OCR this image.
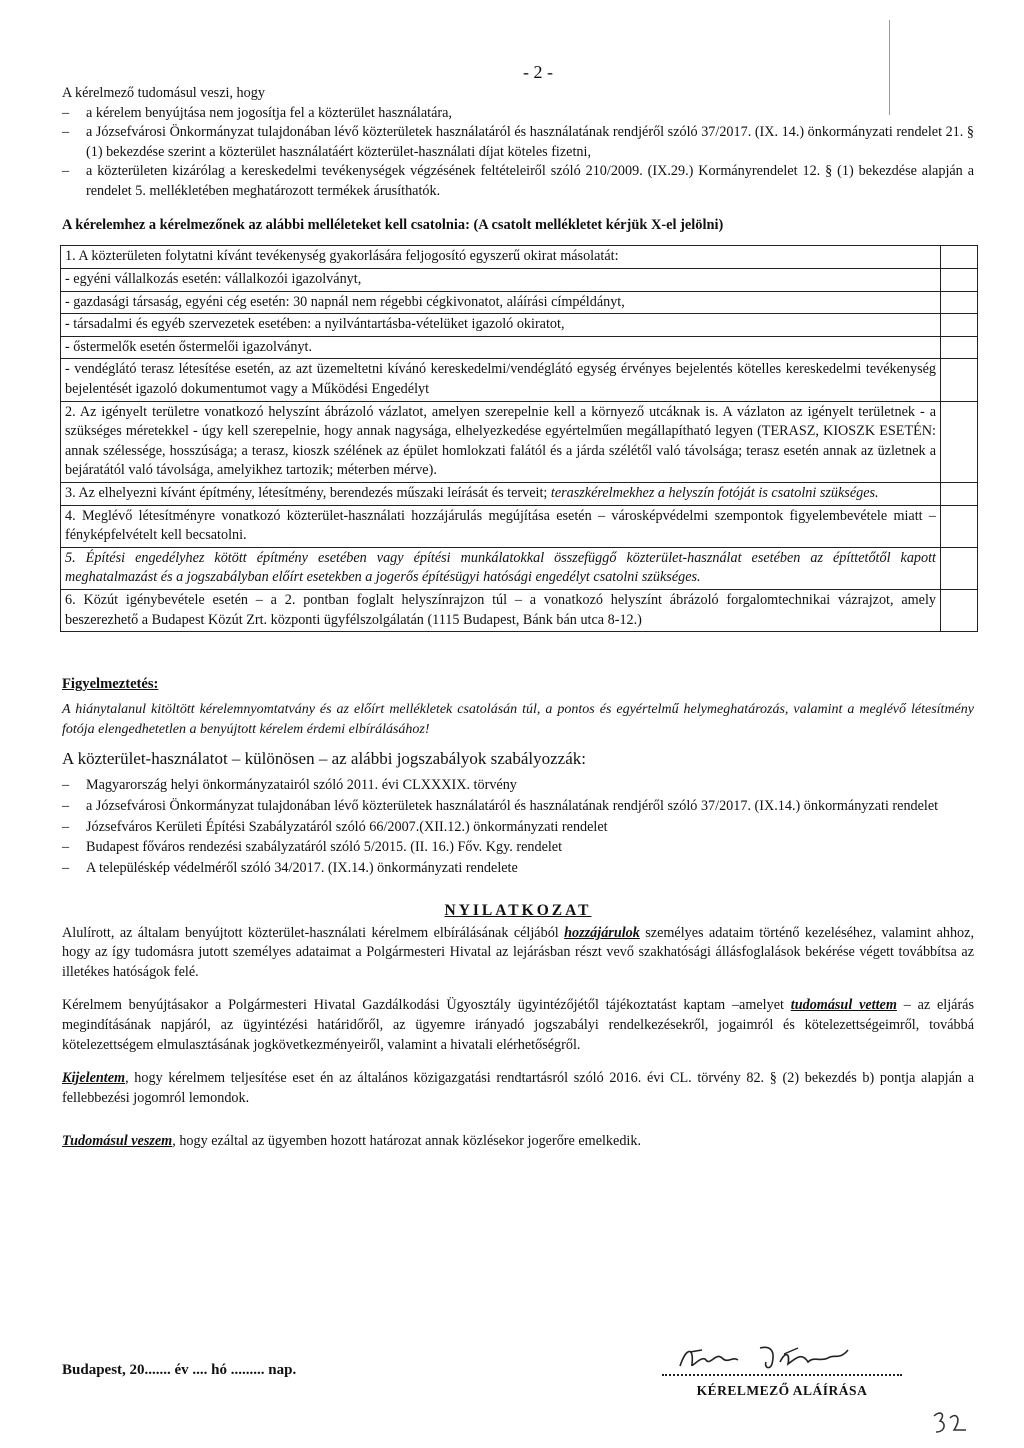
- 2 -

A kérelmező tudomásul veszi, hogy

– a kérelem benyújtása nem jogosítja fel a közterület használatára,
– a Józsefvárosi Önkormányzat tulajdonában lévő közterületek használatáról és használatának rendjéről szóló 37/2017. (IX. 14.) önkormányzati rendelet 21. § (1) bekezdése szerint a közterület használatáért közterület-használati díjat köteles fizetni,
– a közterületen kizárólag a kereskedelmi tevékenységek végzésének feltételeiről szóló 210/2009. (IX.29.) Kormányrendelet 12. § (1) bekezdése alapján a rendelet 5. mellékletében meghatározott termékek árusíthatók.
A kérelemhez a kérelmezőnek az alábbi melléleteket kell csatolnia: (A csatolt mellékletet kérjük X-el jelölni)
1. A közterületen folytatni kívánt tevékenység gyakorlására feljogosító egyszerű okirat másolatát:	
- egyéni vállalkozás esetén: vállalkozói igazolványt,	
- gazdasági társaság, egyéni cég esetén: 30 napnál nem régebbi cégkivonatot, aláírási címpéldányt,	
- társadalmi és egyéb szervezetek esetében: a nyilvántartásba-vételüket igazoló okiratot,	
- őstermelők esetén őstermelői igazolványt.	
- vendéglátó terasz létesítése esetén, az azt üzemeltetni kívánó kereskedelmi/vendéglátó egység érvényes bejelentés kötelles kereskedelmi tevékenység bejelentését igazoló dokumentumot vagy a Működési Engedélyt	
2. Az igényelt területre vonatkozó helyszínt ábrázoló vázlatot, amelyen szerepelnie kell a környező utcáknak is. A vázlaton az igényelt területnek - a szükséges méretekkel - úgy kell szerepelnie, hogy annak nagysága, elhelyezkedése egyértelműen megállapítható legyen (TERASZ, KIOSZK ESETÉN: annak szélessége, hosszúsága; a terasz, kioszk szélének az épület homlokzati falától és a járda szélétől való távolsága; terasz esetén annak az üzletnek a bejáratától való távolsága, amelyikhez tartozik; méterben mérve).	
3. Az elhelyezni kívánt építmény, létesítmény, berendezés műszaki leírását és terveit; teraszkérelmekhez a helyszín fotóját is csatolni szükséges.	
4. Meglévő létesítményre vonatkozó közterület-használati hozzájárulás megújítása esetén – városképvédelmi szempontok figyelembevétele miatt – fényképfelvételt kell becsatolni.	
5. Építési engedélyhez kötött építmény esetében vagy építési munkálatokkal összefüggő közterület-használat esetében az építtetőtől kapott meghatalmazást és a jogszabályban előírt esetekben a jogerős építésügyi hatósági engedélyt csatolni szükséges.	
6. Közút igénybevétele esetén – a 2. pontban foglalt helyszínrajzon túl – a vonatkozó helyszínt ábrázoló forgalomtechnikai vázrajzot, amely beszerezhető a Budapest Közút Zrt. központi ügyfélszolgálatán (1115 Budapest, Bánk bán utca 8-12.)	
Figyelmeztetés:

A hiánytalanul kitöltött kérelemnyomtatvány és az előírt mellékletek csatolásán túl, a pontos és egyértelmű helymeghatározás, valamint a meglévő létesítmény fotója elengedhetetlen a benyújtott kérelem érdemi elbírálásához!

A közterület-használatot – különösen – az alábbi jogszabályok szabályozzák:
– Magyarország helyi önkormányzatairól szóló 2011. évi CLXXXIX. törvény
– a Józsefvárosi Önkormányzat tulajdonában lévő közterületek használatáról és használatának rendjéről szóló 37/2017. (IX.14.) önkormányzati rendelet
– Józsefváros Kerületi Építési Szabályzatáról szóló 66/2007.(XII.12.) önkormányzati rendelet
– Budapest főváros rendezési szabályzatáról szóló 5/2015. (II. 16.) Főv. Kgy. rendelet
– A településkép védelméről szóló 34/2017. (IX.14.) önkormányzati rendelete
NYILATKOZAT

Alulírott, az általam benyújtott közterület-használati kérelmem elbírálásának céljából hozzájárulok személyes adataim történő kezeléséhez, valamint ahhoz, hogy az így tudomásra jutott személyes adataimat a Polgármesteri Hivatal az lejárásban részt vevő szakhatósági állásfoglalások bekérése végett továbbítsa az illetékes hatóságok felé.

Kérelmem benyújtásakor a Polgármesteri Hivatal Gazdálkodási Ügyosztály ügyintézőjétől tájékoztatást kaptam –amelyet tudomásul vettem – az eljárás megindításának napjáról, az ügyintézési határidőről, az ügyemre irányadó jogszabályi rendelkezésekről, jogaimról és kötelezettségeimről, továbbá kötelezettségem elmulasztásának jogkövetkezményeiről, valamint a hivatali elérhetőségről.

Kijelentem, hogy kérelmem teljesítése eset én az általános közigazgatási rendtartásról szóló 2016. évi CL. törvény 82. § (2) bekezdés b) pontja alapján a fellebbezési jogomról lemondok.

Tudomásul veszem, hogy ezáltal az ügyemben hozott határozat annak közlésekor jogerőre emelkedik.

Budapest, 20....... év .... hó ......... nap.
KÉRELMEZŐ ALÁÍRÁSA
